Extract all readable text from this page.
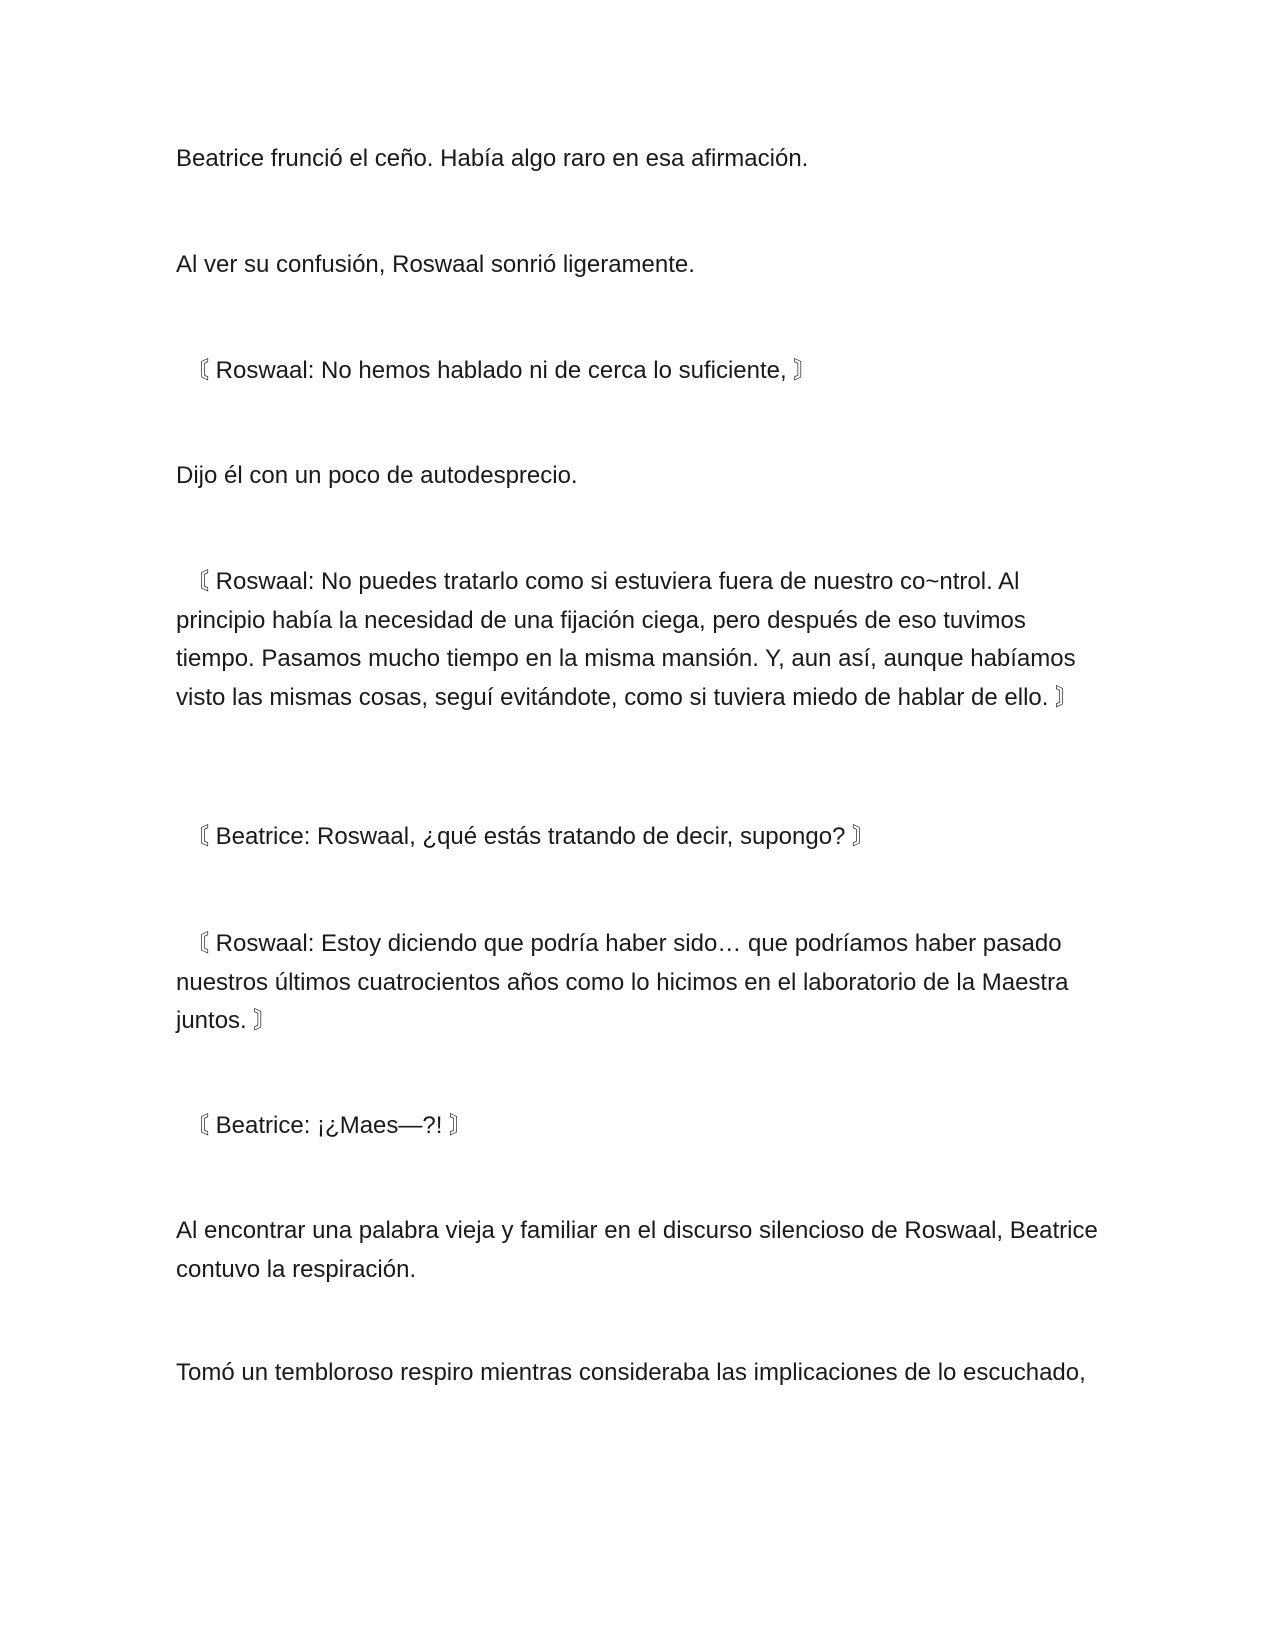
Beatrice frunció el ceño. Había algo raro en esa afirmación.

Al ver su confusión, Roswaal sonrió ligeramente.

〘 Roswaal: No hemos hablado ni de cerca lo suficiente, 〙

Dijo él con un poco de autodesprecio.

〘 Roswaal: No puedes tratarlo como si estuviera fuera de nuestro co~ntrol. Al principio había la necesidad de una fijación ciega, pero después de eso tuvimos tiempo. Pasamos mucho tiempo en la misma mansión. Y, aun así, aunque habíamos visto las mismas cosas, seguí evitándote, como si tuviera miedo de hablar de ello. 〙

〘 Beatrice: Roswaal, ¿qué estás tratando de decir, supongo? 〙

〘 Roswaal: Estoy diciendo que podría haber sido… que podríamos haber pasado nuestros últimos cuatrocientos años como lo hicimos en el laboratorio de la Maestra juntos. 〙

〘 Beatrice: ¡¿Maes—?! 〙

Al encontrar una palabra vieja y familiar en el discurso silencioso de Roswaal, Beatrice contuvo la respiración.

Tomó un tembloroso respiro mientras consideraba las implicaciones de lo escuchado,
